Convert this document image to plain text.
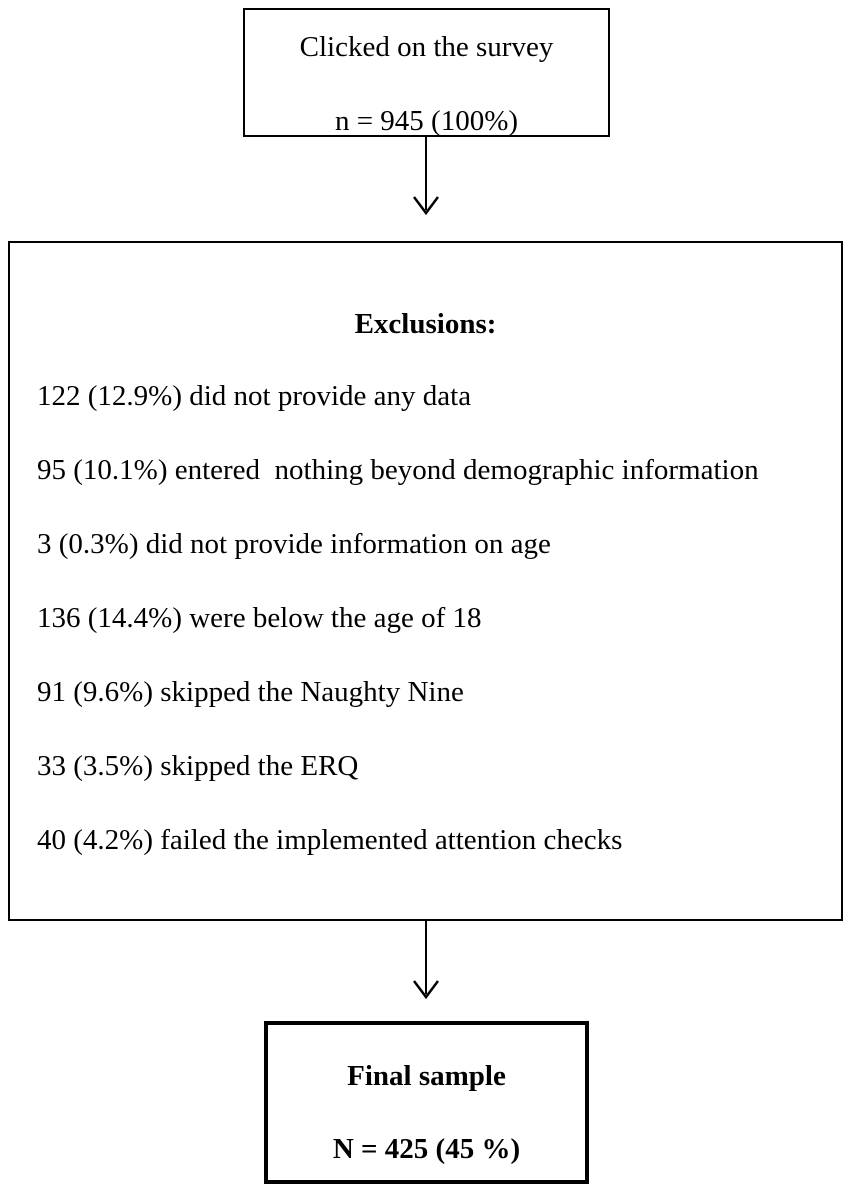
Clicked on the survey
n = 945 (100%)
Exclusions:
122 (12.9%) did not provide any data
95 (10.1%) entered  nothing beyond demographic information
3 (0.3%) did not provide information on age
136 (14.4%) were below the age of 18
91 (9.6%) skipped the Naughty Nine
33 (3.5%) skipped the ERQ
40 (4.2%) failed the implemented attention checks
Final sample
N = 425 (45 %)
